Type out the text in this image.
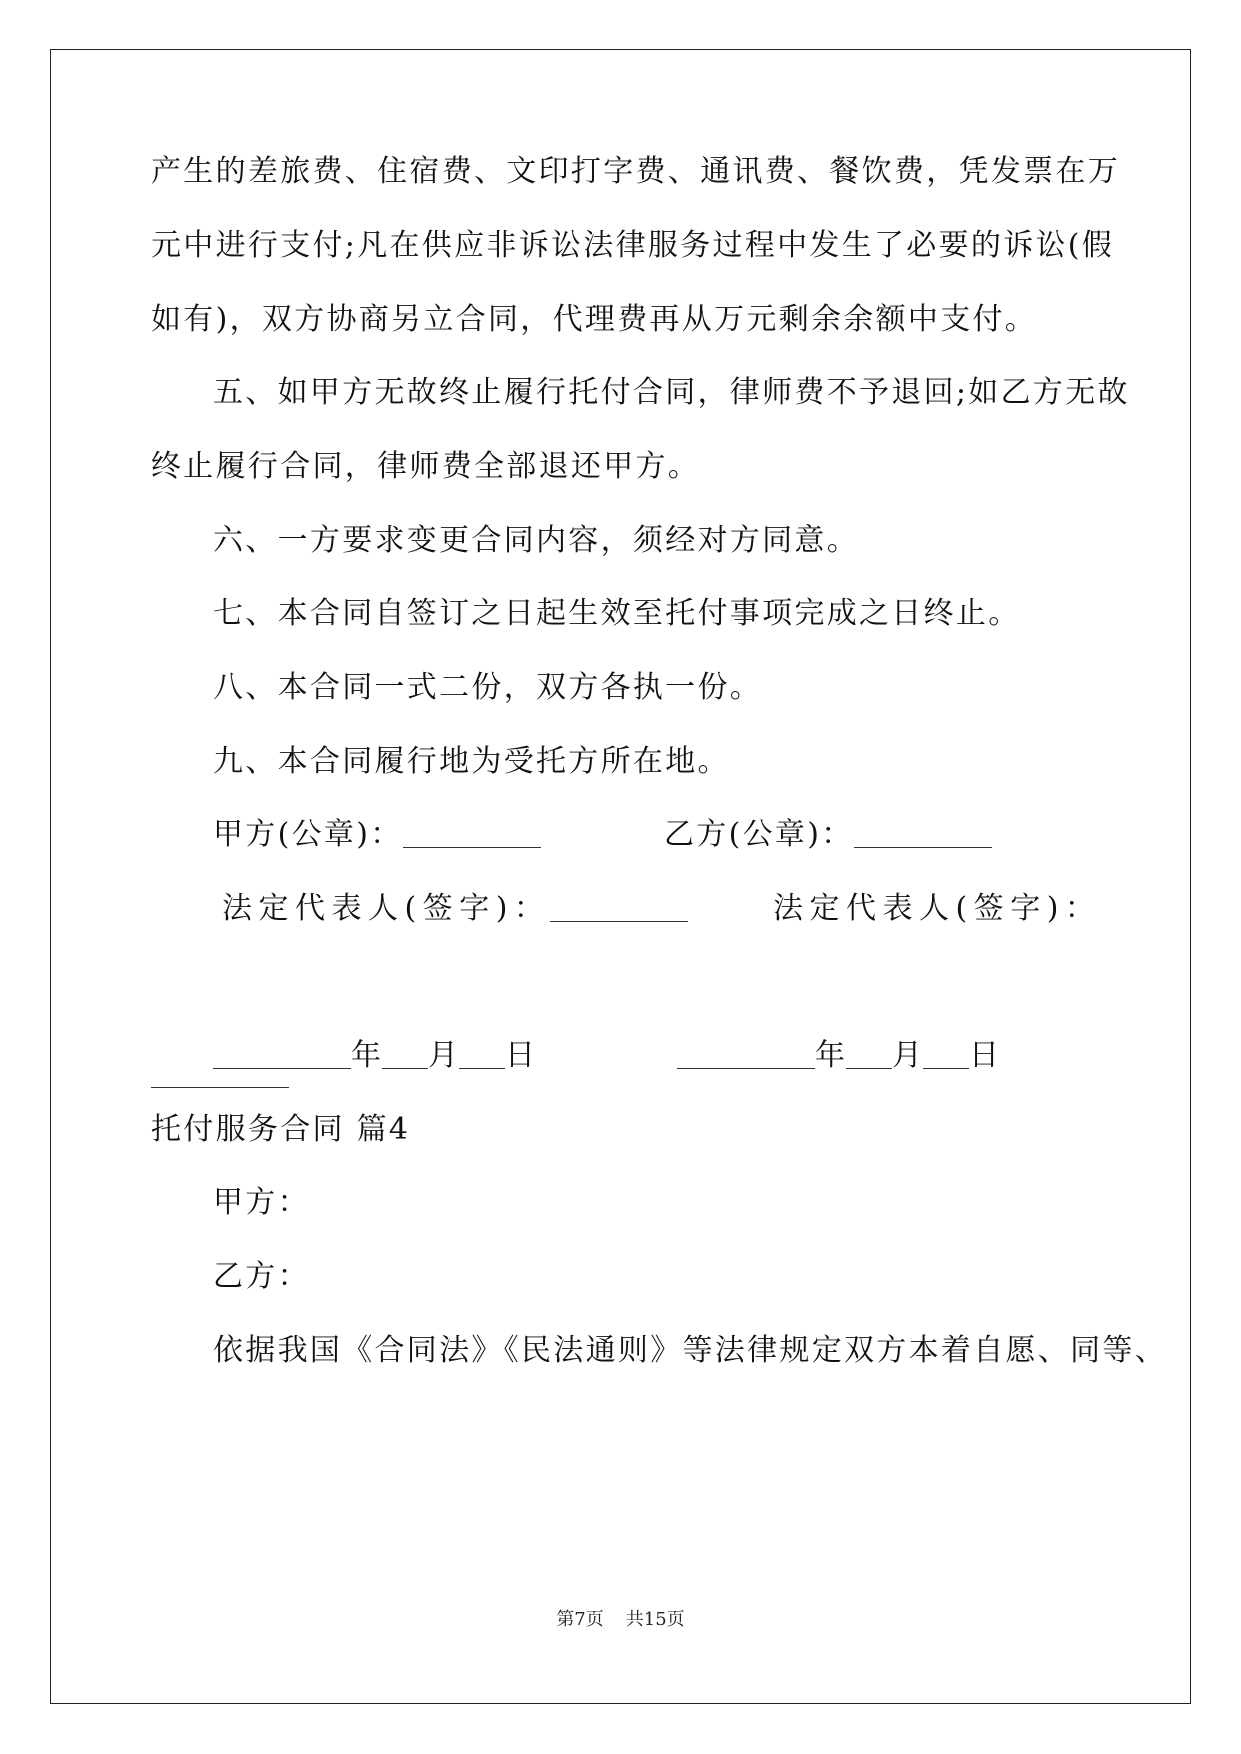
产生的差旅费、住宿费、文印打字费、通讯费、餐饮费，凭发票在万
元中进行支付;凡在供应非诉讼法律服务过程中发生了必要的诉讼(假
如有)，双方协商另立合同，代理费再从万元剩余余额中支付。
五、如甲方无故终止履行托付合同，律师费不予退回;如乙方无故
终止履行合同，律师费全部退还甲方。
六、一方要求变更合同内容，须经对方同意。
七、本合同自签订之日起生效至托付事项完成之日终止。
八、本合同一式二份，双方各执一份。
九、本合同履行地为受托方所在地。
甲方(公章)：	乙方(公章)：
法定代表人(签字)：	法定代表人(签字)：
年 月 日	年 月 日
托付服务合同 篇4
甲方：
乙方：
依据我国《合同法》《民法通则》等法律规定双方本着自愿、同等、
第7页 共15页
